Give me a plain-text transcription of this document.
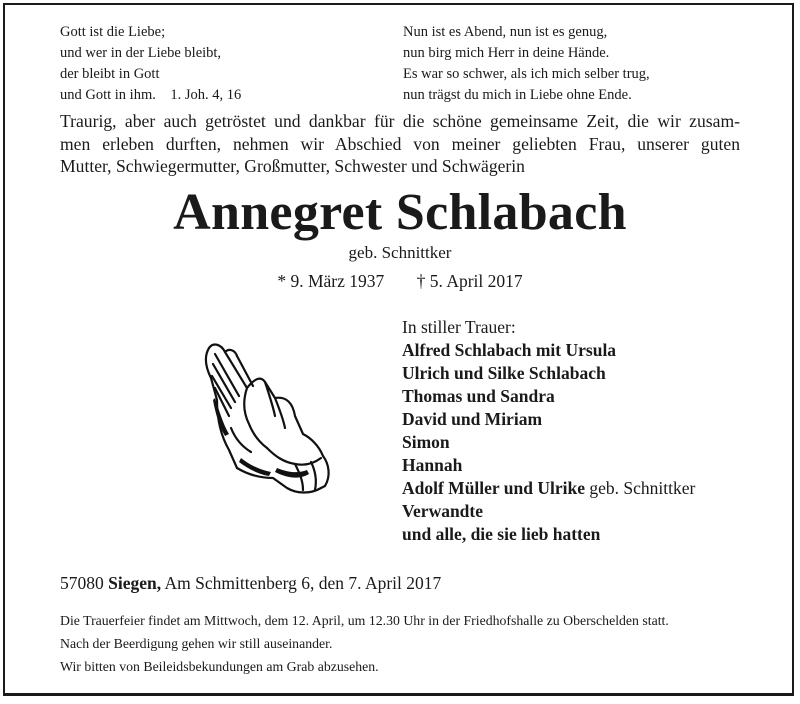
Gott ist die Liebe;
und wer in der Liebe bleibt,
der bleibt in Gott
und Gott in ihm.    1. Joh. 4, 16
Nun ist es Abend, nun ist es genug,
nun birg mich Herr in deine Hände.
Es war so schwer, als ich mich selber trug,
nun trägst du mich in Liebe ohne Ende.
Traurig, aber auch getröstet und dankbar für die schöne gemeinsame Zeit, die wir zusam-
men erleben durften, nehmen wir Abschied von meiner geliebten Frau, unserer guten
Mutter, Schwiegermutter, Großmutter, Schwester und Schwägerin
Annegret Schlabach
geb. Schnittker
* 9. März 1937 † 5. April 2017
In stiller Trauer:
Alfred Schlabach mit Ursula
Ulrich und Silke Schlabach
Thomas und Sandra
David und Miriam
Simon
Hannah
Adolf Müller und Ulrike geb. Schnittker
Verwandte
und alle, die sie lieb hatten
57080 Siegen, Am Schmittenberg 6, den 7. April 2017
Die Trauerfeier findet am Mittwoch, dem 12. April, um 12.30 Uhr in der Friedhofshalle zu Oberschelden statt.
Nach der Beerdigung gehen wir still auseinander.
Wir bitten von Beileidsbekundungen am Grab abzusehen.
